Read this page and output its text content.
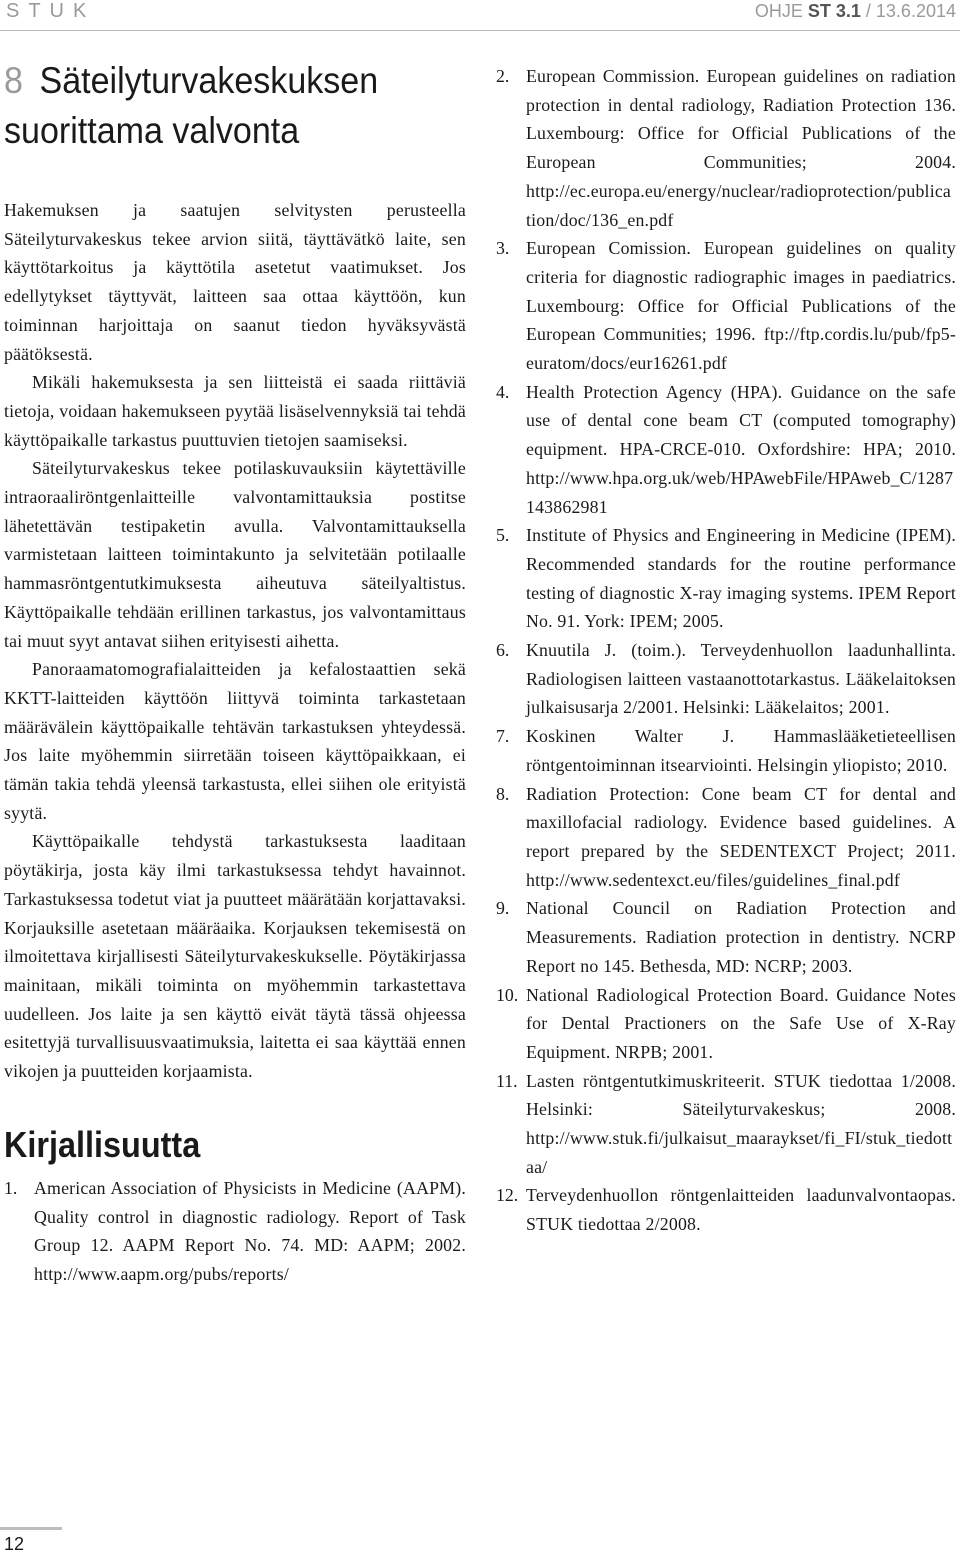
STUK	OHJE ST 3.1 / 13.6.2014
8 Säteilyturvakeskuksen
suorittama valvonta

Hakemuksen ja saatujen selvitysten perusteella Säteilyturvakeskus tekee arvion siitä, täyttävätkö laite, sen käyttötarkoitus ja käyttötila asetetut vaatimukset. Jos edellytykset täyttyvät, laitteen saa ottaa käyttöön, kun toiminnan harjoittaja on saanut tiedon hyväksyvästä päätöksestä.

Mikäli hakemuksesta ja sen liitteistä ei saada riittäviä tietoja, voidaan hakemukseen pyytää lisäselvennyksiä tai tehdä käyttöpaikalle tarkastus puuttuvien tietojen saamiseksi.

Säteilyturvakeskus tekee potilaskuvauksiin käytettäville intraoraaliröntgenlaitteille valvontamittauksia postitse lähetettävän testipaketin avulla. Valvontamittauksella varmistetaan laitteen toimintakunto ja selvitetään potilaalle hammasröntgentutkimuksesta aiheutuva säteilyaltistus. Käyttöpaikalle tehdään erillinen tarkastus, jos valvontamittaus tai muut syyt antavat siihen erityisesti aihetta.

Panoraamatomografialaitteiden ja kefalostaattien sekä KKTT-laitteiden käyttöön liittyvä toiminta tarkastetaan määrävälein käyttöpaikalle tehtävän tarkastuksen yhteydessä. Jos laite myöhemmin siirretään toiseen käyttöpaikkaan, ei tämän takia tehdä yleensä tarkastusta, ellei siihen ole erityistä syytä.

Käyttöpaikalle tehdystä tarkastuksesta laaditaan pöytäkirja, josta käy ilmi tarkastuksessa tehdyt havainnot. Tarkastuksessa todetut viat ja puutteet määrätään korjattavaksi. Korjauksille asetetaan määräaika. Korjauksen tekemisestä on ilmoitettava kirjallisesti Säteilyturvakeskukselle. Pöytäkirjassa mainitaan, mikäli toiminta on myöhemmin tarkastettava uudelleen. Jos laite ja sen käyttö eivät täytä tässä ohjeessa esitettyjä turvallisuusvaatimuksia, laitetta ei saa käyttää ennen vikojen ja puutteiden korjaamista.

Kirjallisuutta
1. American Association of Physicists in Medicine (AAPM). Quality control in diagnostic radiology. Report of Task Group 12. AAPM Report No. 74. MD: AAPM; 2002. http://www.aapm.org/pubs/reports/
2. European Commission. European guidelines on radiation protection in dental radiology, Radiation Protection 136. Luxembourg: Office for Official Publications of the European Communities; 2004. http://ec.europa.eu/energy/nuclear/radioprotection/publication/doc/136_en.pdf
3. European Comission. European guidelines on quality criteria for diagnostic radiographic images in paediatrics. Luxembourg: Office for Official Publications of the European Communities; 1996. ftp://ftp.cordis.lu/pub/fp5-euratom/docs/eur16261.pdf
4. Health Protection Agency (HPA). Guidance on the safe use of dental cone beam CT (computed tomography) equipment. HPA-CRCE-010. Oxfordshire: HPA; 2010. http://www.hpa.org.uk/web/HPAwebFile/HPAweb_C/1287143862981
5. Institute of Physics and Engineering in Medicine (IPEM). Recommended standards for the routine performance testing of diagnostic X-ray imaging systems. IPEM Report No. 91. York: IPEM; 2005.
6. Knuutila J. (toim.). Terveydenhuollon laadunhallinta. Radiologisen laitteen vastaanottotarkastus. Lääkelaitoksen julkaisusarja 2/2001. Helsinki: Lääkelaitos; 2001.
7. Koskinen Walter J. Hammaslääketieteellisen röntgentoiminnan itsearviointi. Helsingin yliopisto; 2010.
8. Radiation Protection: Cone beam CT for dental and maxillofacial radiology. Evidence based guidelines. A report prepared by the SEDENTEXCT Project; 2011. http://www.sedentexct.eu/files/guidelines_final.pdf
9. National Council on Radiation Protection and Measurements. Radiation protection in dentistry. NCRP Report no 145. Bethesda, MD: NCRP; 2003.
10. National Radiological Protection Board. Guidance Notes for Dental Practioners on the Safe Use of X-Ray Equipment. NRPB; 2001.
11. Lasten röntgentutkimuskriteerit. STUK tiedottaa 1/2008. Helsinki: Säteilyturvakeskus; 2008. http://www.stuk.fi/julkaisut_maaraykset/fi_FI/stuk_tiedottaa/
12. Terveydenhuollon röntgenlaitteiden laadunvalvontaopas. STUK tiedottaa 2/2008.
12
